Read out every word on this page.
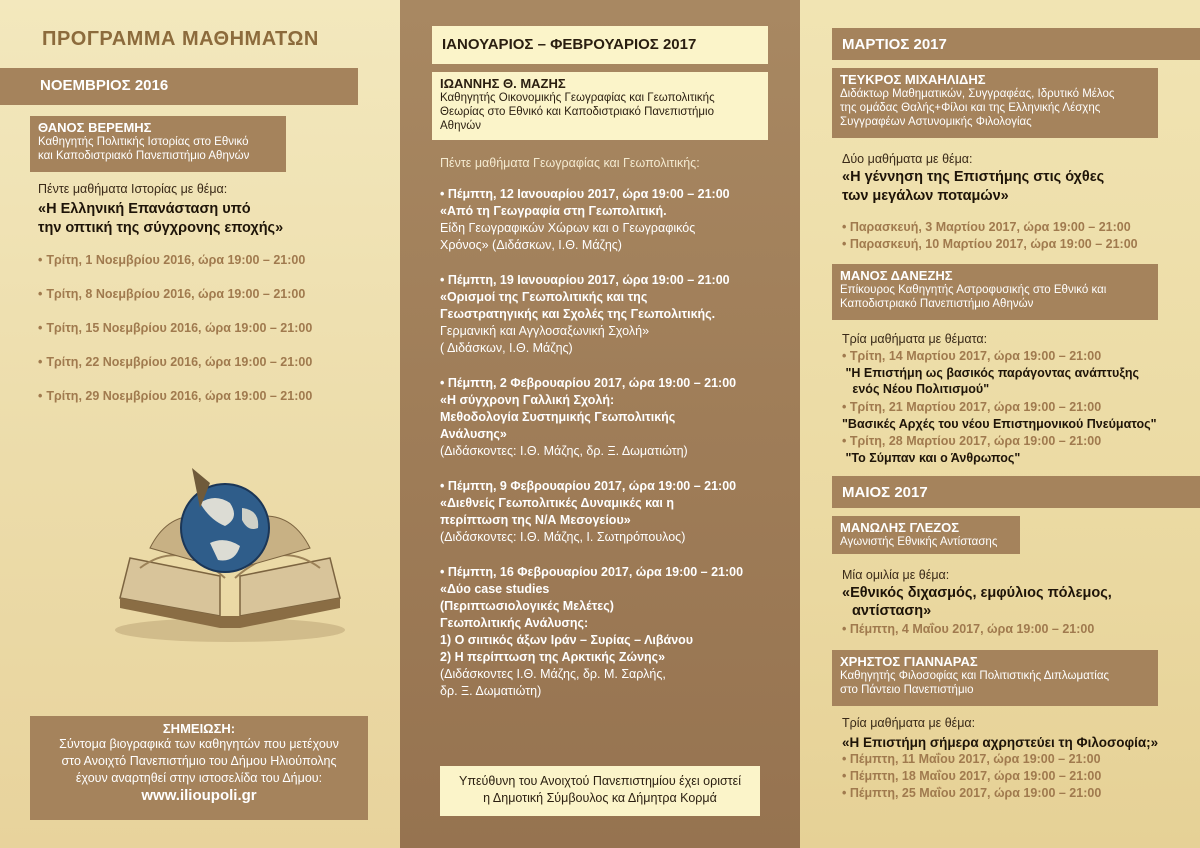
ΠΡΟΓΡΑΜΜΑ ΜΑΘΗΜΑΤΩΝ
ΝΟΕΜΒΡΙΟΣ 2016
ΘΑΝΟΣ ΒΕΡΕΜΗΣ
Καθηγητής Πολιτικής Ιστορίας στο Εθνικό
και Καποδιστριακό Πανεπιστήμιο Αθηνών
Πέντε μαθήματα Ιστορίας με θέμα:
«Η Ελληνική Επανάσταση υπό
την οπτική της σύγχρονης εποχής»
• Τρίτη, 1 Νοεμβρίου 2016, ώρα 19:00 – 21:00
• Τρίτη, 8 Νοεμβρίου 2016, ώρα 19:00 – 21:00
• Τρίτη, 15 Νοεμβρίου 2016, ώρα 19:00 – 21:00
• Τρίτη, 22 Νοεμβρίου 2016, ώρα 19:00 – 21:00
• Τρίτη, 29 Νοεμβρίου 2016, ώρα 19:00 – 21:00
ΣΗΜΕΙΩΣΗ:
Σύντομα βιογραφικά των καθηγητών που μετέχουν
στο Ανοιχτό Πανεπιστήμιο του Δήμου Ηλιούπολης
έχουν αναρτηθεί στην ιστοσελίδα του Δήμου:
www.ilioupoli.gr
ΙΑΝΟΥΑΡΙΟΣ – ΦΕΒΡΟΥΑΡΙΟΣ 2017
ΙΩΑΝΝΗΣ Θ. ΜΑΖΗΣ
Καθηγητής Οικονομικής Γεωγραφίας και Γεωπολιτικής
Θεωρίας στο Εθνικό και Καποδιστριακό Πανεπιστήμιο
Αθηνών
Πέντε μαθήματα Γεωγραφίας και Γεωπολιτικής:
• Πέμπτη, 12 Ιανουαρίου 2017, ώρα 19:00 – 21:00
«Από τη Γεωγραφία στη Γεωπολιτική.
Είδη Γεωγραφικών Χώρων και ο Γεωγραφικός
Χρόνος» (Διδάσκων, Ι.Θ. Μάζης)
• Πέμπτη, 19 Ιανουαρίου 2017, ώρα 19:00 – 21:00
«Ορισμοί της Γεωπολιτικής και της
Γεωστρατηγικής και Σχολές της Γεωπολιτικής.
Γερμανική και Αγγλοσαξωνική Σχολή»
( Διδάσκων, Ι.Θ. Μάζης)
• Πέμπτη, 2 Φεβρουαρίου 2017, ώρα 19:00 – 21:00
«Η σύγχρονη Γαλλική Σχολή:
Μεθοδολογία Συστημικής Γεωπολιτικής
Ανάλυσης»
(Διδάσκοντες: Ι.Θ. Μάζης, δρ. Ξ. Δωματιώτη)
• Πέμπτη, 9 Φεβρουαρίου 2017, ώρα 19:00 – 21:00
«Διεθνείς Γεωπολιτικές Δυναμικές και η
περίπτωση της Ν/Α Μεσογείου»
(Διδάσκοντες: Ι.Θ. Μάζης, Ι. Σωτηρόπουλος)
• Πέμπτη, 16 Φεβρουαρίου 2017, ώρα 19:00 – 21:00
«Δύο case studies
(Περιπτωσιολογικές Μελέτες)
Γεωπολιτικής Ανάλυσης:
1) Ο σιιτικός άξων Ιράν – Συρίας – Λιβάνου
2) Η περίπτωση της Αρκτικής Ζώνης»
(Διδάσκοντες Ι.Θ. Μάζης, δρ. Μ. Σαρλής,
δρ. Ξ. Δωματιώτη)
Υπεύθυνη του Ανοιχτού Πανεπιστημίου έχει οριστεί
η Δημοτική Σύμβουλος κα Δήμητρα Κορμά
ΜΑΡΤΙΟΣ 2017
ΤΕΥΚΡΟΣ ΜΙΧΑΗΛΙΔΗΣ
Διδάκτωρ Μαθηματικών, Συγγραφέας, Ιδρυτικό Μέλος
της ομάδας Θαλής+Φίλοι και της Ελληνικής Λέσχης
Συγγραφέων Αστυνομικής Φιλολογίας
Δύο μαθήματα με θέμα:
«Η γέννηση της Επιστήμης στις όχθες
των μεγάλων ποταμών»
• Παρασκευή, 3 Μαρτίου 2017, ώρα 19:00 – 21:00
• Παρασκευή, 10 Μαρτίου 2017, ώρα 19:00 – 21:00
ΜΑΝΟΣ ΔΑΝΕΖΗΣ
Επίκουρος Καθηγητής Αστροφυσικής στο Εθνικό και
Καποδιστριακό Πανεπιστήμιο Αθηνών
Τρία μαθήματα με θέματα:
• Τρίτη, 14 Μαρτίου 2017, ώρα 19:00 – 21:00
"Η Επιστήμη ως βασικός παράγοντας ανάπτυξης
ενός Νέου Πολιτισμού"
• Τρίτη, 21 Μαρτίου 2017, ώρα 19:00 – 21:00
"Βασικές Αρχές του νέου Επιστημονικού Πνεύματος"
• Τρίτη, 28 Μαρτίου 2017, ώρα 19:00 – 21:00
"Το Σύμπαν και ο Άνθρωπος"
ΜΑΙΟΣ 2017
ΜΑΝΩΛΗΣ ΓΛΕΖΟΣ
Αγωνιστής Εθνικής Αντίστασης
Μία ομιλία με θέμα:
«Εθνικός διχασμός, εμφύλιος πόλεμος,
αντίσταση»
• Πέμπτη, 4 Μαΐου 2017, ώρα 19:00 – 21:00
ΧΡΗΣΤΟΣ ΓΙΑΝΝΑΡΑΣ
Καθηγητής Φιλοσοφίας και Πολιτιστικής Διπλωματίας
στο Πάντειο Πανεπιστήμιο
Τρία μαθήματα με θέμα:
«Η Επιστήμη σήμερα αχρηστεύει τη Φιλοσοφία;»
• Πέμπτη, 11 Μαΐου 2017, ώρα 19:00 – 21:00
• Πέμπτη, 18 Μαΐου 2017, ώρα 19:00 – 21:00
• Πέμπτη, 25 Μαΐου 2017, ώρα 19:00 – 21:00
